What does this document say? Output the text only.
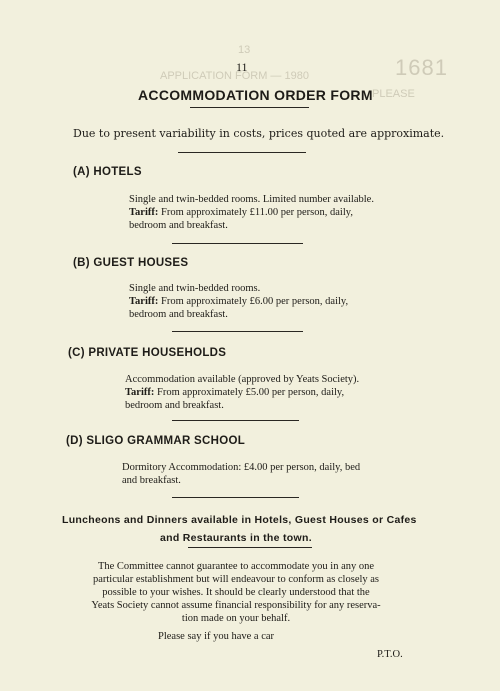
13
APPLICATION FORM — 1980	1681
PLEASE
11
ACCOMMODATION ORDER FORM
Due to present variability in costs, prices quoted are approximate.
(A) HOTELS
Single and twin-bedded rooms. Limited number available.
Tariff: From approximately £11.00 per person, daily,
bedroom and breakfast.
(B) GUEST HOUSES
Single and twin-bedded rooms.
Tariff: From approximately £6.00 per person, daily,
bedroom and breakfast.
(C) PRIVATE HOUSEHOLDS
Accommodation available (approved by Yeats Society).
Tariff: From approximately £5.00 per person, daily,
bedroom and breakfast.
(D) SLIGO GRAMMAR SCHOOL
Dormitory Accommodation: £4.00 per person, daily, bed
and breakfast.
Luncheons and Dinners available in Hotels, Guest Houses or Cafes
and Restaurants in the town.
The Committee cannot guarantee to accommodate you in any one
particular establishment but will endeavour to conform as closely as
possible to your wishes. It should be clearly understood that the
Yeats Society cannot assume financial responsibility for any reserva-
tion made on your behalf.
Please say if you have a car
P.T.O.
